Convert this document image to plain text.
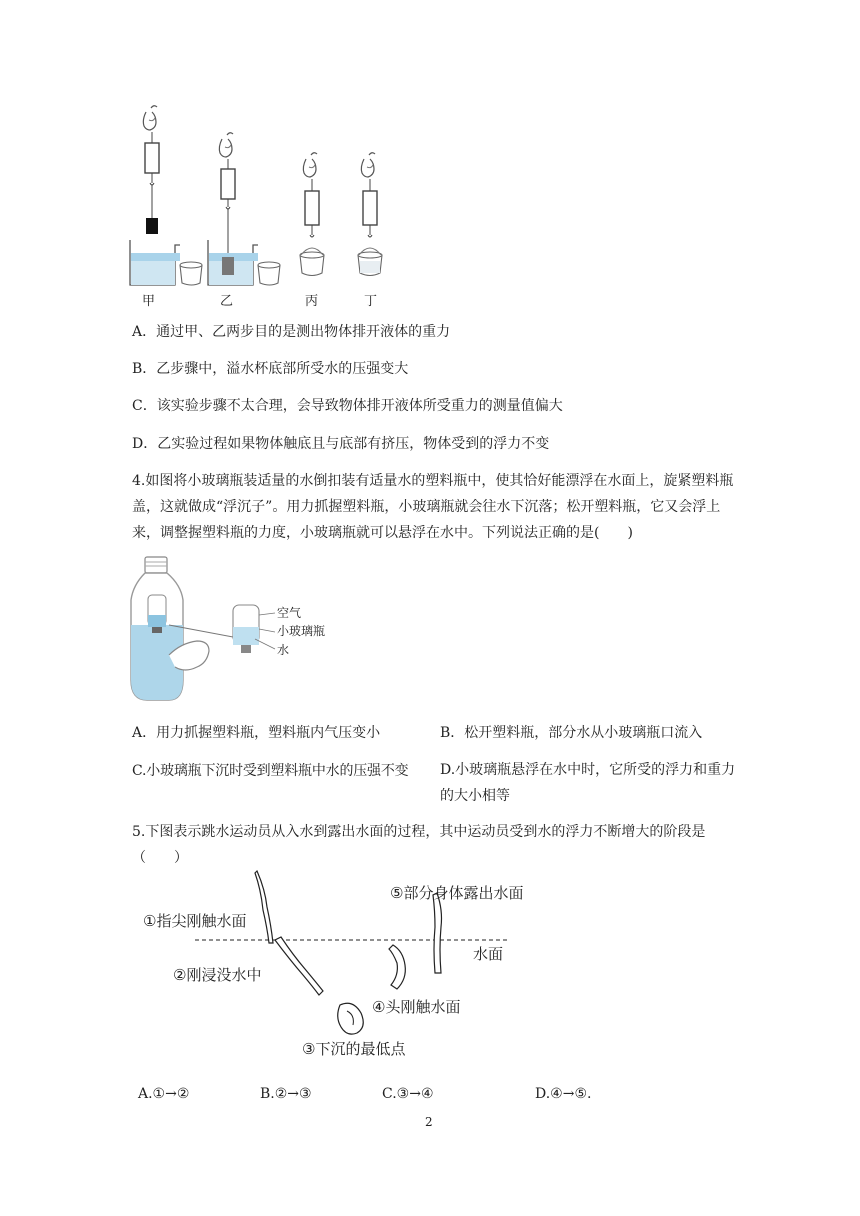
甲	乙	丙	丁
A．通过甲、乙两步目的是测出物体排开液体的重力
B．乙步骤中，溢水杯底部所受水的压强变大
C．该实验步骤不太合理，会导致物体排开液体所受重力的测量值偏大
D．乙实验过程如果物体触底且与底部有挤压，物体受到的浮力不变
4.如图将小玻璃瓶装适量的水倒扣装有适量水的塑料瓶中，使其恰好能漂浮在水面上，旋紧塑料瓶盖，这就做成“浮沉子”。用力抓握塑料瓶，小玻璃瓶就会往水下沉落；松开塑料瓶，它又会浮上来，调整握塑料瓶的力度，小玻璃瓶就可以悬浮在水中。下列说法正确的是(　　)
空气
小玻璃瓶
水
A．用力抓握塑料瓶，塑料瓶内气压变小	B．松开塑料瓶，部分水从小玻璃瓶口流入
C.小玻璃瓶下沉时受到塑料瓶中水的压强不变 D.小玻璃瓶悬浮在水中时，它所受的浮力和重力的大小相等
5.下图表示跳水运动员从入水到露出水面的过程，其中运动员受到水的浮力不断增大的阶段是（　　）
①指尖刚触水面
②刚浸没水中
③下沉的最低点
④头刚触水面
⑤部分身体露出水面
水面
A.①→②	B.②→③	C.③→④	D.④→⑤.
2
